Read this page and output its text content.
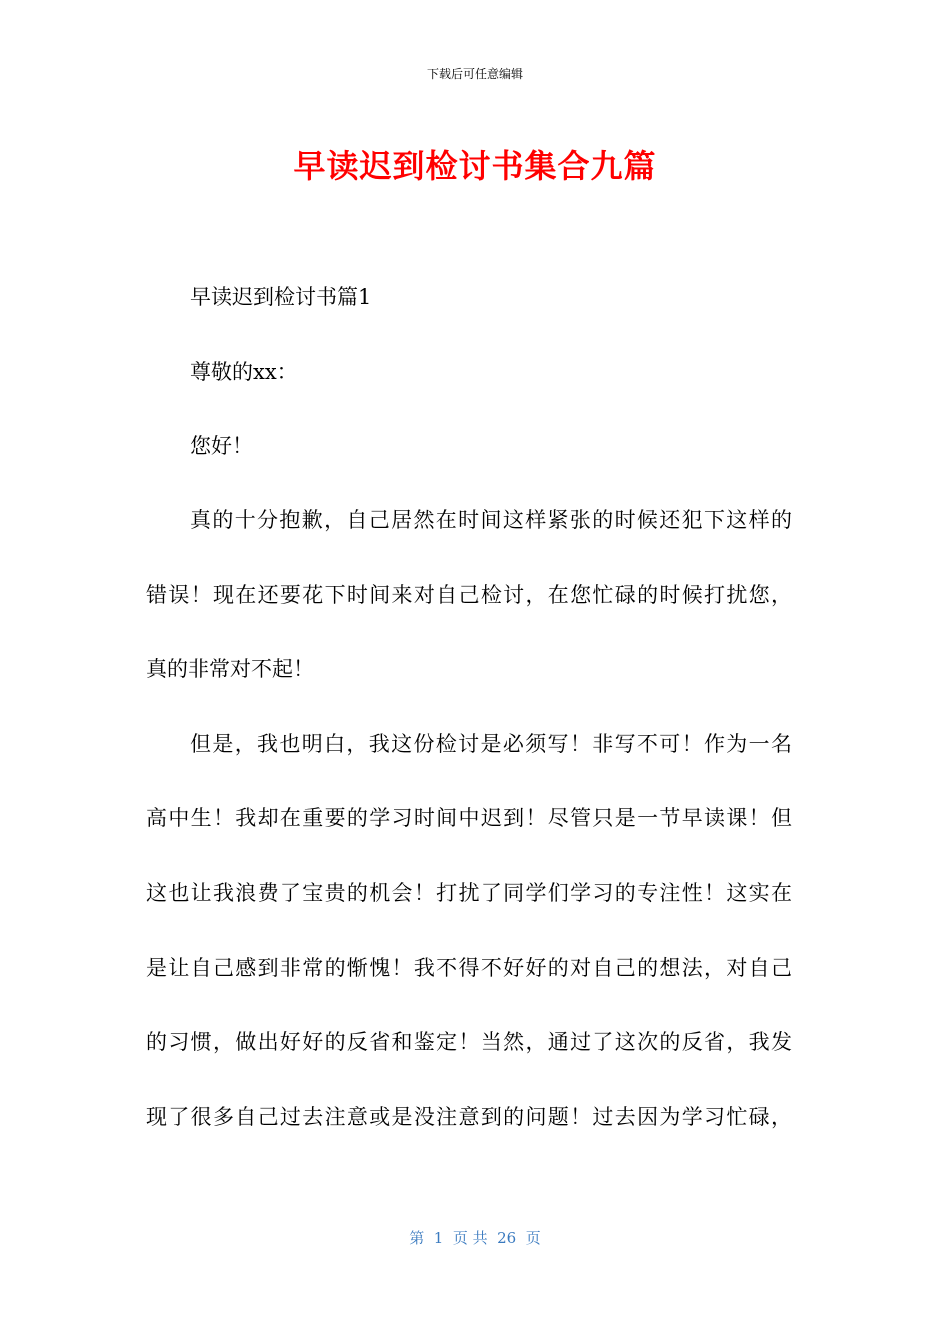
下载后可任意编辑
早读迟到检讨书集合九篇
早读迟到检讨书篇1
尊敬的xx：
您好！
真的十分抱歉，自己居然在时间这样紧张的时候还犯下这样的
错误！现在还要花下时间来对自己检讨，在您忙碌的时候打扰您，
真的非常对不起！
但是，我也明白，我这份检讨是必须写！非写不可！作为一名
高中生！我却在重要的学习时间中迟到！尽管只是一节早读课！但
这也让我浪费了宝贵的机会！打扰了同学们学习的专注性！这实在
是让自己感到非常的惭愧！我不得不好好的对自己的想法，对自己
的习惯，做出好好的反省和鉴定！当然，通过了这次的反省，我发
现了很多自己过去注意或是没注意到的问题！过去因为学习忙碌，
第  1  页 共  26  页
